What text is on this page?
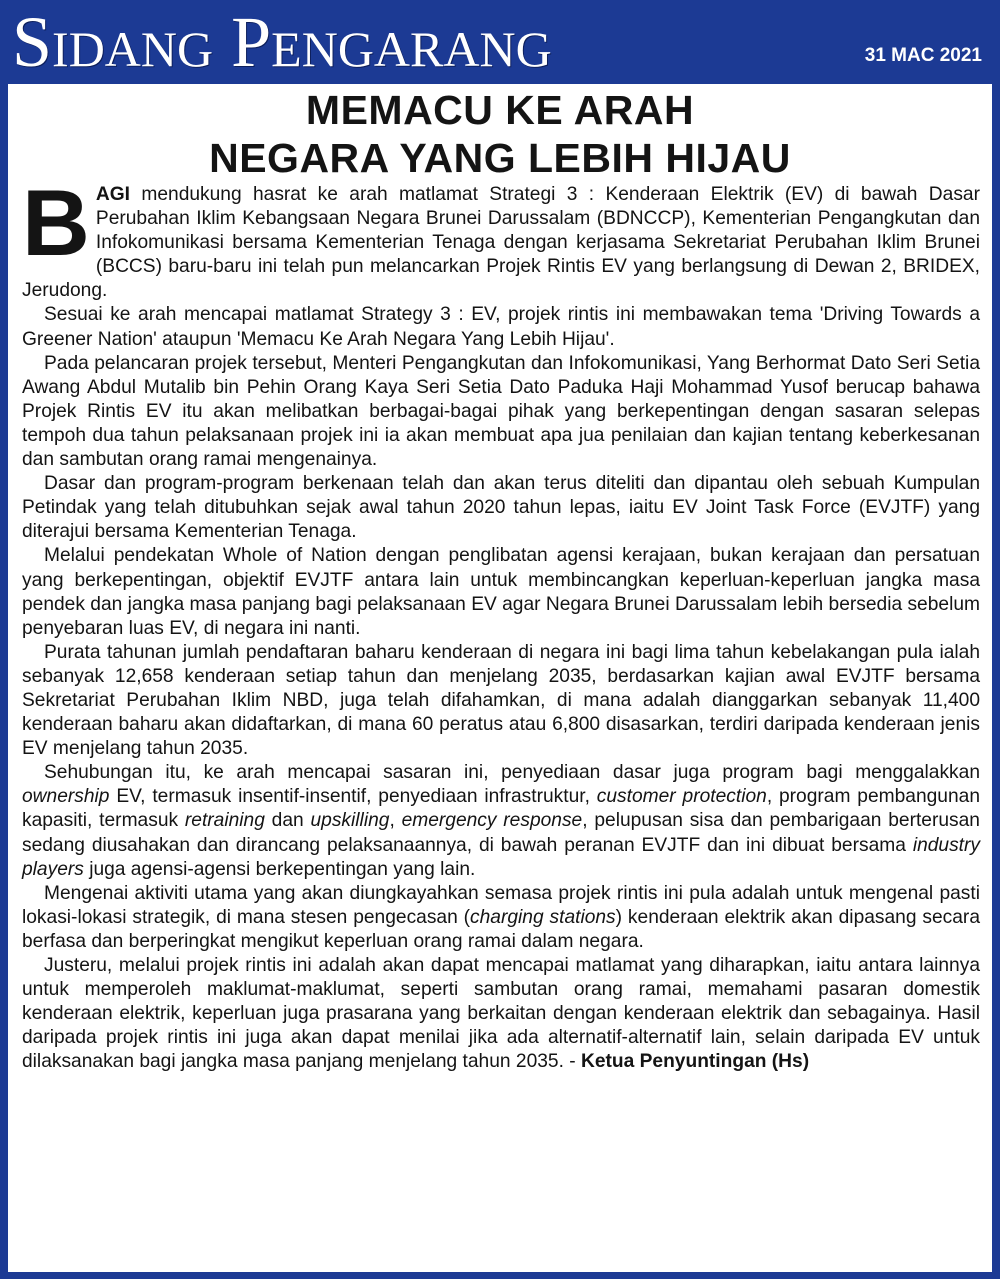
Sidang Pengarang	31 MAC 2021
MEMACU KE ARAH
NEGARA YANG LEBIH HIJAU

BAGI mendukung hasrat ke arah matlamat Strategi 3 : Kenderaan Elektrik (EV) di bawah Dasar Perubahan Iklim Kebangsaan Negara Brunei Darussalam (BDNCCP), Kementerian Pengangkutan dan Infokomunikasi bersama Kementerian Tenaga dengan kerjasama Sekretariat Perubahan Iklim Brunei (BCCS) baru-baru ini telah pun melancarkan Projek Rintis EV yang berlangsung di Dewan 2, BRIDEX, Jerudong.

Sesuai ke arah mencapai matlamat Strategy 3 : EV, projek rintis ini membawakan tema 'Driving Towards a Greener Nation' ataupun 'Memacu Ke Arah Negara Yang Lebih Hijau'.

Pada pelancaran projek tersebut, Menteri Pengangkutan dan Infokomunikasi, Yang Berhormat Dato Seri Setia Awang Abdul Mutalib bin Pehin Orang Kaya Seri Setia Dato Paduka Haji Mohammad Yusof berucap bahawa Projek Rintis EV itu akan melibatkan berbagai-bagai pihak yang berkepentingan dengan sasaran selepas tempoh dua tahun pelaksanaan projek ini ia akan membuat apa jua penilaian dan kajian tentang keberkesanan dan sambutan orang ramai mengenainya.

Dasar dan program-program berkenaan telah dan akan terus diteliti dan dipantau oleh sebuah Kumpulan Petindak yang telah ditubuhkan sejak awal tahun 2020 tahun lepas, iaitu EV Joint Task Force (EVJTF) yang diterajui bersama Kementerian Tenaga.

Melalui pendekatan Whole of Nation dengan penglibatan agensi kerajaan, bukan kerajaan dan persatuan yang berkepentingan, objektif EVJTF antara lain untuk membincangkan keperluan-keperluan jangka masa pendek dan jangka masa panjang bagi pelaksanaan EV agar Negara Brunei Darussalam lebih bersedia sebelum penyebaran luas EV, di negara ini nanti.

Purata tahunan jumlah pendaftaran baharu kenderaan di negara ini bagi lima tahun kebelakangan pula ialah sebanyak 12,658 kenderaan setiap tahun dan menjelang 2035, berdasarkan kajian awal EVJTF bersama Sekretariat Perubahan Iklim NBD, juga telah difahamkan, di mana adalah dianggarkan sebanyak 11,400 kenderaan baharu akan didaftarkan, di mana 60 peratus atau 6,800 disasarkan, terdiri daripada kenderaan jenis EV menjelang tahun 2035.

Sehubungan itu, ke arah mencapai sasaran ini, penyediaan dasar juga program bagi menggalakkan ownership EV, termasuk insentif-insentif, penyediaan infrastruktur, customer protection, program pembangunan kapasiti, termasuk retraining dan upskilling, emergency response, pelupusan sisa dan pembarigaan berterusan sedang diusahakan dan dirancang pelaksanaannya, di bawah peranan EVJTF dan ini dibuat bersama industry players juga agensi-agensi berkepentingan yang lain.

Mengenai aktiviti utama yang akan diungkayahkan semasa projek rintis ini pula adalah untuk mengenal pasti lokasi-lokasi strategik, di mana stesen pengecasan (charging stations) kenderaan elektrik akan dipasang secara berfasa dan berperingkat mengikut keperluan orang ramai dalam negara.

Justeru, melalui projek rintis ini adalah akan dapat mencapai matlamat yang diharapkan, iaitu antara lainnya untuk memperoleh maklumat-maklumat, seperti sambutan orang ramai, memahami pasaran domestik kenderaan elektrik, keperluan juga prasarana yang berkaitan dengan kenderaan elektrik dan sebagainya. Hasil daripada projek rintis ini juga akan dapat menilai jika ada alternatif-alternatif lain, selain daripada EV untuk dilaksanakan bagi jangka masa panjang menjelang tahun 2035. - Ketua Penyuntingan (Hs)
